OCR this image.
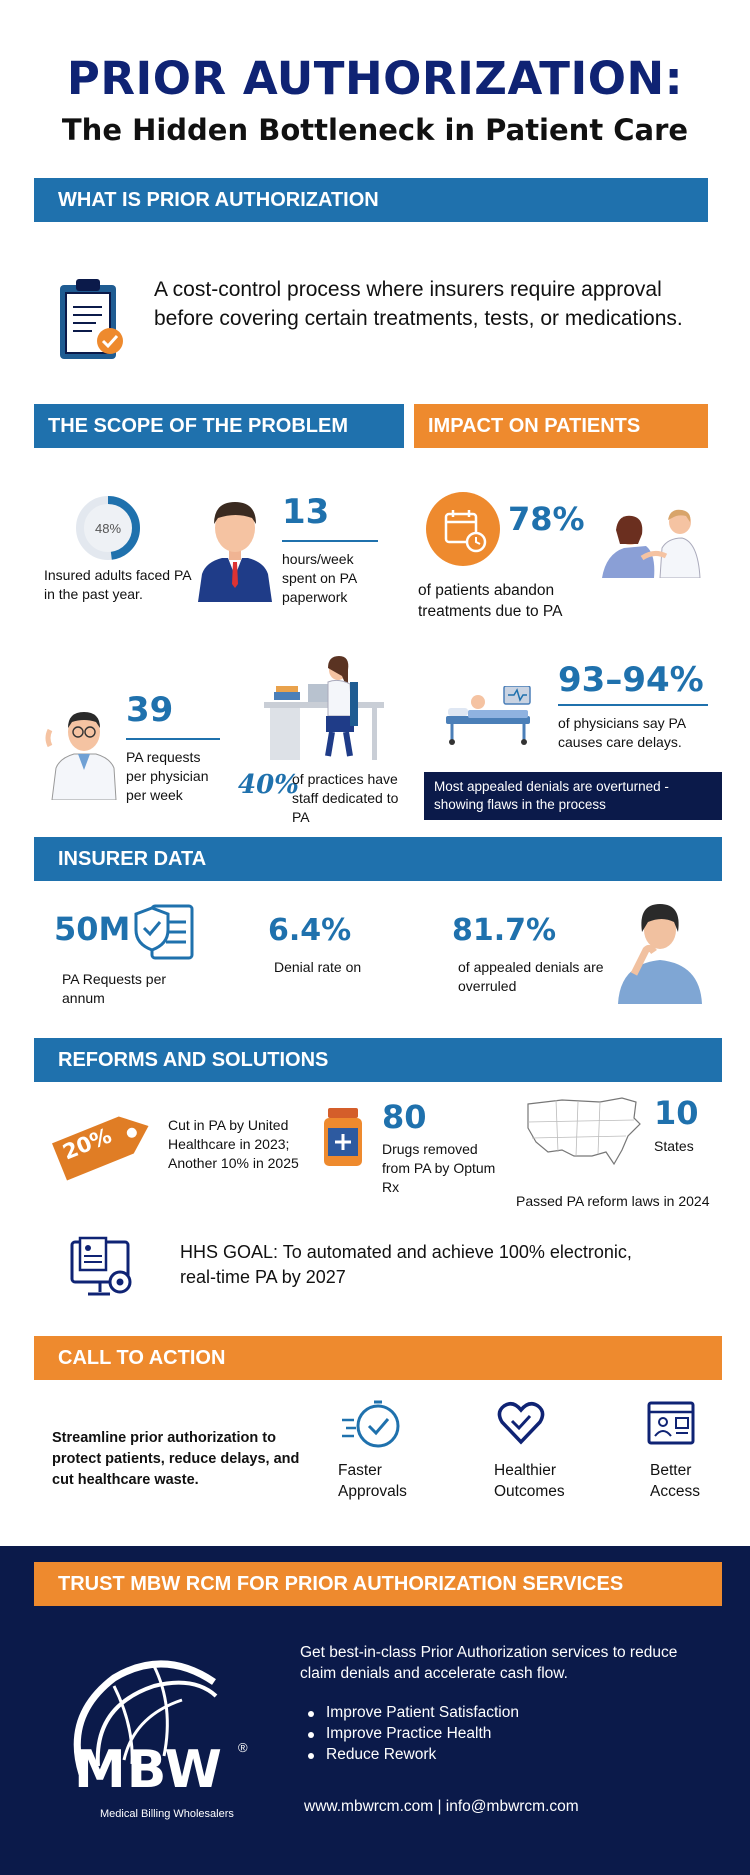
PRIOR AUTHORIZATION:
The Hidden Bottleneck in Patient Care
WHAT IS PRIOR AUTHORIZATION
A cost-control process where insurers require approval before covering certain treatments, tests, or medications.
THE SCOPE OF THE PROBLEM	IMPACT ON PATIENTS
48%
Insured adults faced PA in the past year.
13
hours/week spent on PA paperwork
39
PA requests per physician per week	40%
of practices have staff dedicated to PA
78%
of patients abandon treatments due to PA
93–94%
of physicians say PA causes care delays.
Most appealed denials are overturned - showing flaws in the process
INSURER DATA
50M
PA Requests per annum
6.4%
Denial rate on
81.7%
of appealed denials are overruled
REFORMS AND SOLUTIONS
20%	Cut in PA by United Healthcare in 2023; Another 10% in 2025
80
Drugs removed from PA by Optum Rx
10
States
Passed PA reform laws in 2024
HHS GOAL: To automated and achieve 100% electronic, real-time PA by 2027
CALL TO ACTION
Streamline prior authorization to protect patients, reduce delays, and cut healthcare waste.
Faster Approvals
Healthier Outcomes
Better Access
TRUST MBW RCM FOR PRIOR AUTHORIZATION SERVICES
MBW ®
Medical Billing Wholesalers
Get best-in-class Prior Authorization services to reduce claim denials and accelerate cash flow.
Improve Patient Satisfaction
Improve Practice Health
Reduce Rework
www.mbwrcm.com | info@mbwrcm.com
